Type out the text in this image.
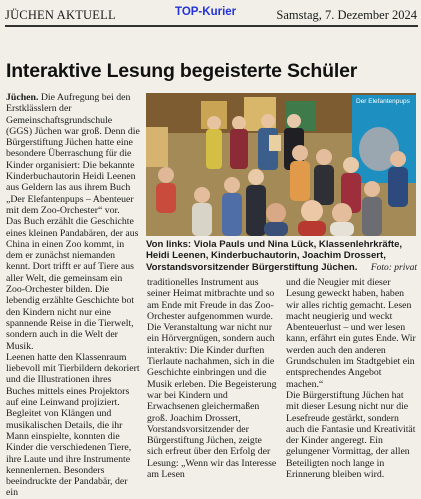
JÜCHEN AKTUELL	TOP-Kurier	Samstag, 7. Dezember 2024
Interaktive Lesung begeisterte Schüler

Jüchen. Die Aufregung bei den Erstklässlern der Gemeinschaftsgrundschule (GGS) Jüchen war groß. Denn die Bürgerstiftung Jüchen hatte eine besondere Überraschung für die Kinder organisiert: Die bekannte Kinderbuchautorin Heidi Leenen aus Geldern las aus ihrem Buch „Der Elefantenpups – Abenteuer mit dem Zoo-Orchester“ vor.

Das Buch erzählt die Geschichte eines kleinen Pandabären, der aus China in einen Zoo kommt, in dem er zunächst niemanden kennt. Dort trifft er auf Tiere aus aller Welt, die gemeinsam ein Zoo-Orchester bilden. Die lebendig erzählte Geschichte bot den Kindern nicht nur eine spannende Reise in die Tierwelt, sondern auch in die Welt der Musik.

Leenen hatte den Klassenraum liebevoll mit Tierbildern dekoriert und die Illustrationen ihres Buches mittels eines Projektors auf eine Leinwand projiziert. Begleitet von Klängen und musikalischen Details, die ihr Mann einspielte, konnten die Kinder die verschiedenen Tiere, ihre Laute und ihre Instrumente kennenlernen. Besonders beeindruckte der Pandabär, der ein

Der Elefantenpups
Von links: Viola Pauls und Nina Lück, Klassenlehrkräfte, Heidi Leenen, Kinderbuchautorin, Joachim Drossert, Vorstandsvorsitzender Bürgerstiftung Jüchen.	Foto: privat

traditionelles Instrument aus seiner Heimat mitbrachte und so am Ende mit Freude in das Zoo-Orchester aufgenommen wurde.

Die Veranstaltung war nicht nur ein Hörvergnügen, sondern auch interaktiv: Die Kinder durften Tierlaute nachahmen, sich in die Geschichte einbringen und die Musik erleben. Die Begeisterung war bei Kindern und Erwachsenen gleichermaßen groß. Joachim Drossert, Vorstandsvorsitzender der Bürgerstiftung Jüchen, zeigte sich erfreut über den Erfolg der Lesung: „Wenn wir das Interesse am Lesen

und die Neugier mit dieser Lesung geweckt haben, haben wir alles richtig gemacht. Lesen macht neugierig und weckt Abenteuerlust – und wer lesen kann, erfährt ein gutes Ende. Wir werden auch den anderen Grundschulen im Stadtgebiet ein entsprechendes Angebot machen.“

Die Bürgerstiftung Jüchen hat mit dieser Lesung nicht nur die Lesefreude gestärkt, sondern auch die Fantasie und Kreativität der Kinder angeregt. Ein gelungener Vormittag, der allen Beteiligten noch lange in Erinnerung bleiben wird.
